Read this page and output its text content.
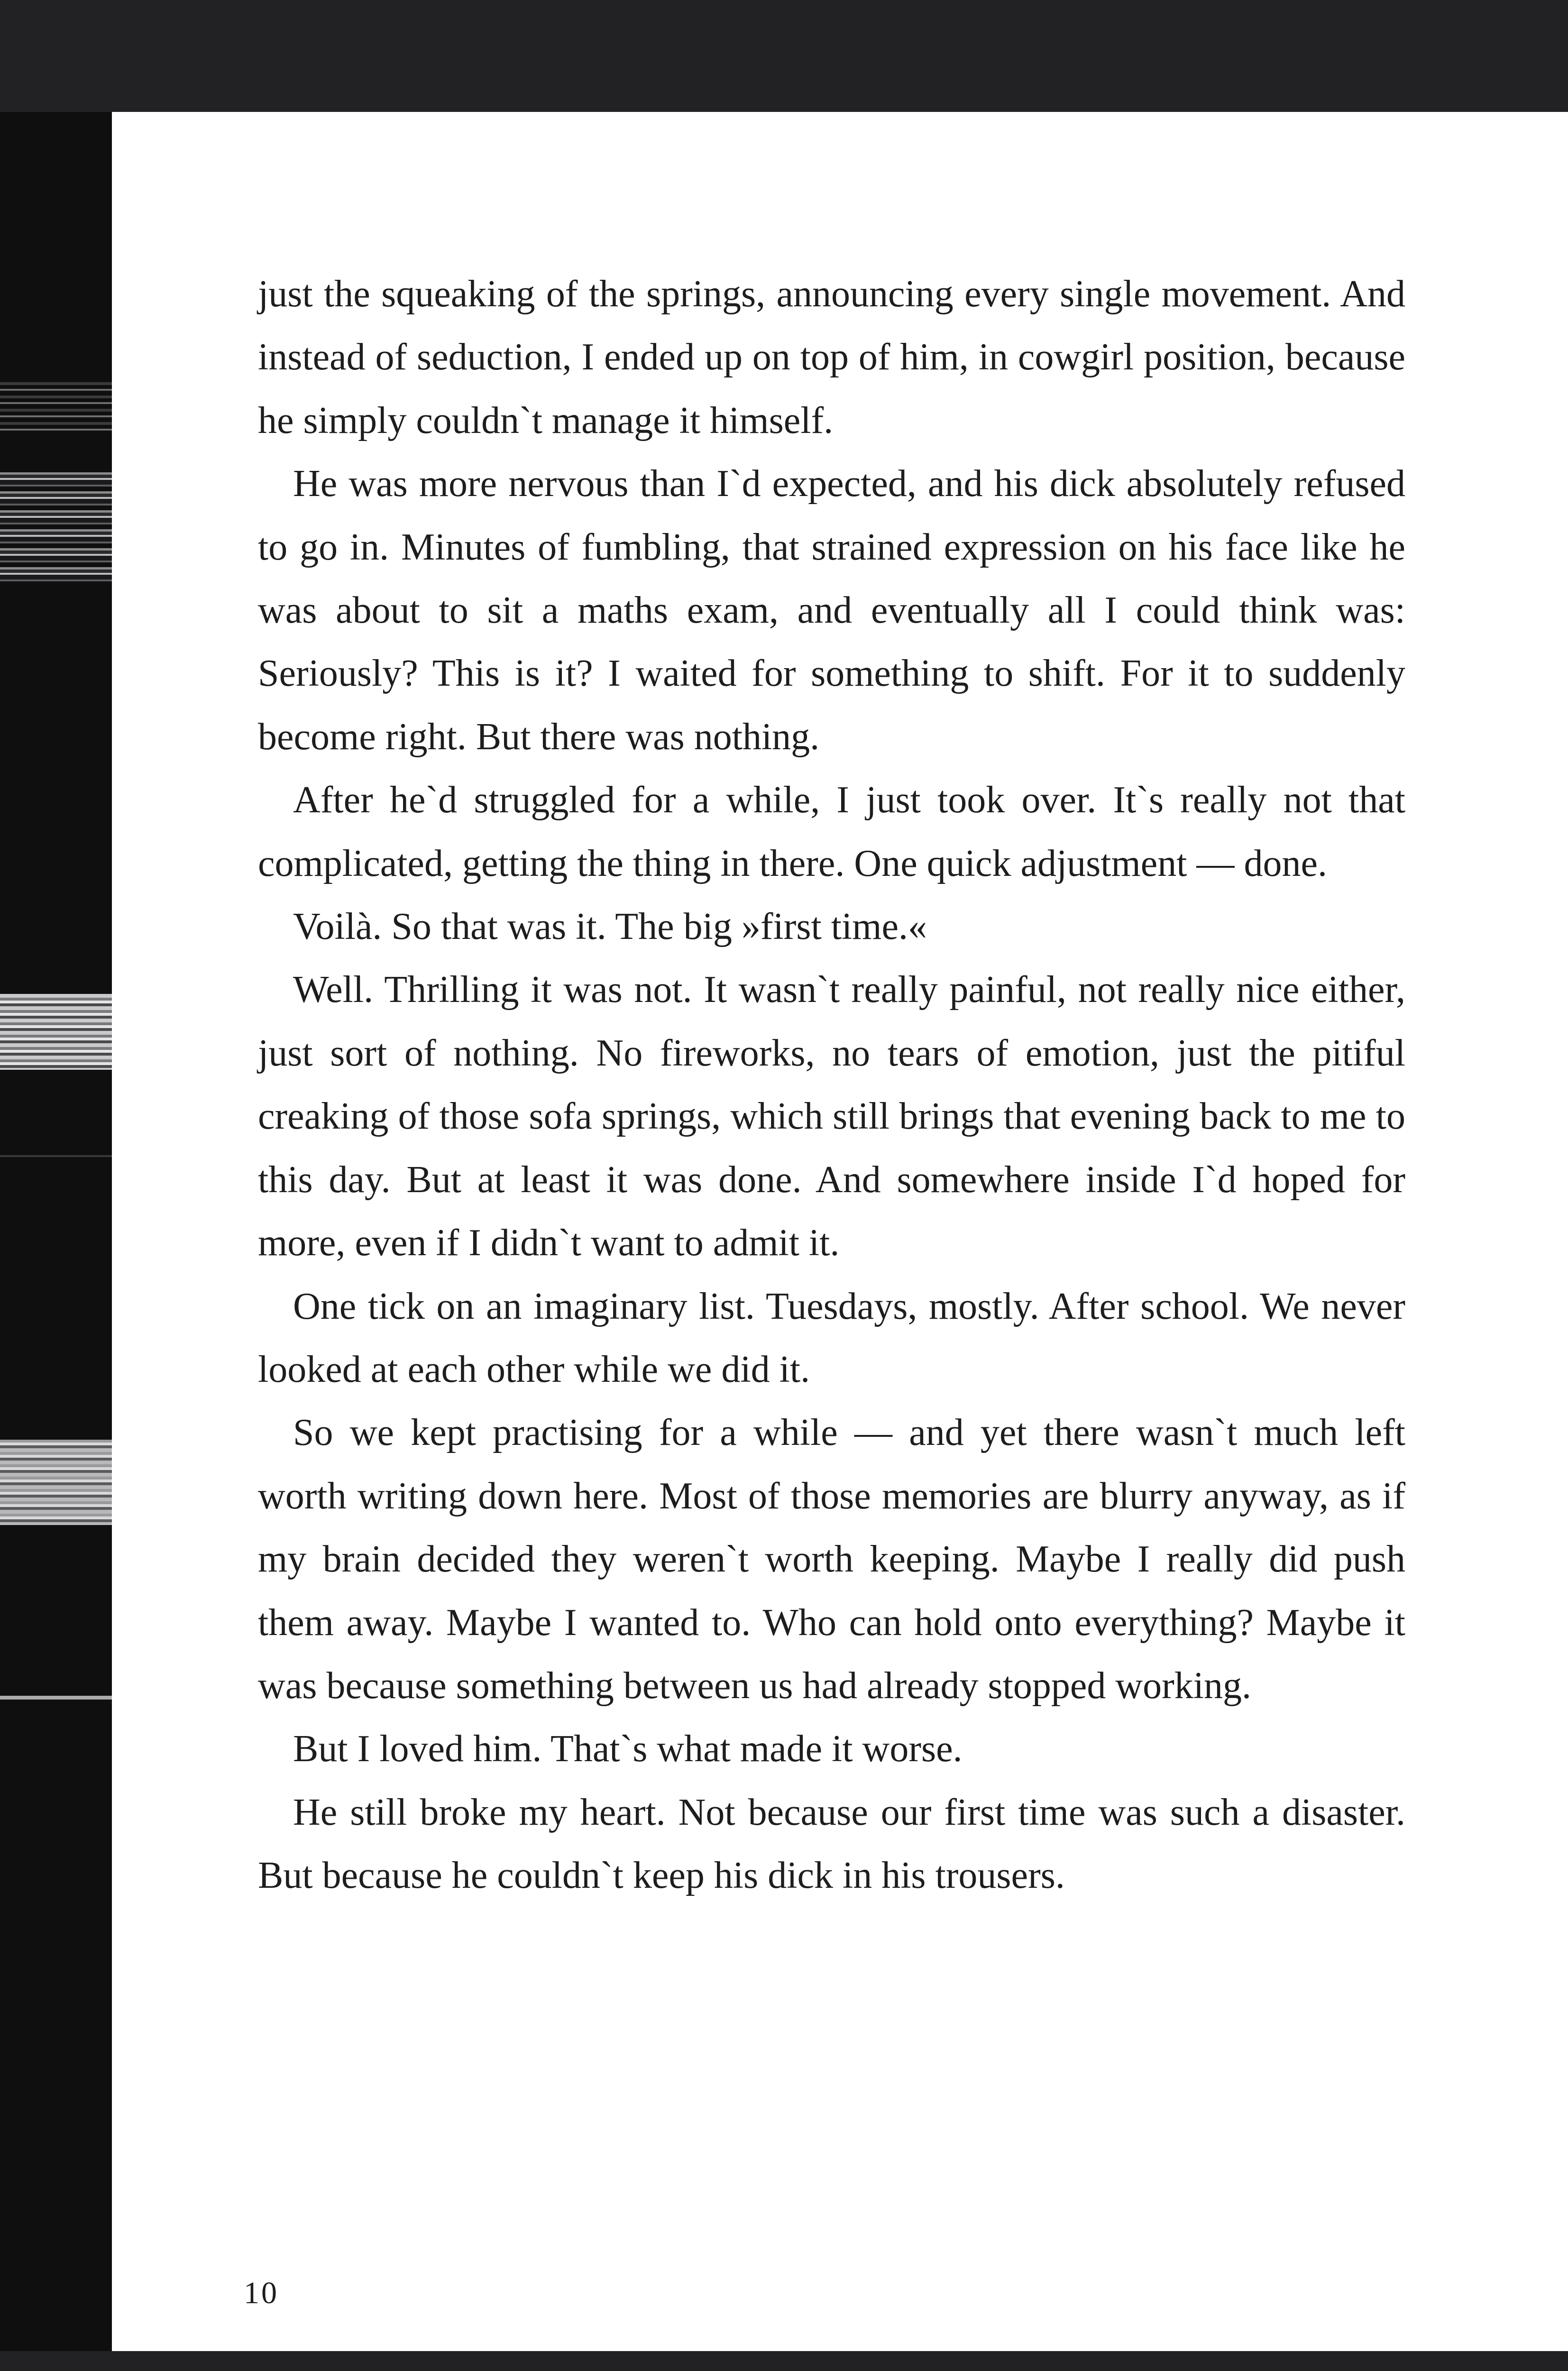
just the squeaking of the springs, announcing every single movement. And instead of seduction, I ended up on top of him, in cowgirl position, because he simply couldn`t manage it himself.

He was more nervous than I`d expected, and his dick absolutely refused to go in. Minutes of fumbling, that strained expression on his face like he was about to sit a maths exam, and eventually all I could think was: Seriously? This is it? I waited for something to shift. For it to suddenly become right. But there was nothing.

After he`d struggled for a while, I just took over. It`s really not that complicated, getting the thing in there. One quick adjustment — done.

Voilà. So that was it. The big »first time.«

Well. Thrilling it was not. It wasn`t really painful, not really nice either, just sort of nothing. No fireworks, no tears of emotion, just the pitiful creaking of those sofa springs, which still brings that evening back to me to this day. But at least it was done. And somewhere inside I`d hoped for more, even if I didn`t want to admit it.

One tick on an imaginary list. Tuesdays, mostly. After school. We never looked at each other while we did it.

So we kept practising for a while — and yet there wasn`t much left worth writing down here. Most of those memories are blurry anyway, as if my brain decided they weren`t worth keeping. Maybe I really did push them away. Maybe I wanted to. Who can hold onto everything? Maybe it was because something between us had already stopped working.

But I loved him. That`s what made it worse.

He still broke my heart. Not because our first time was such a disaster. But because he couldn`t keep his dick in his trousers.

10
